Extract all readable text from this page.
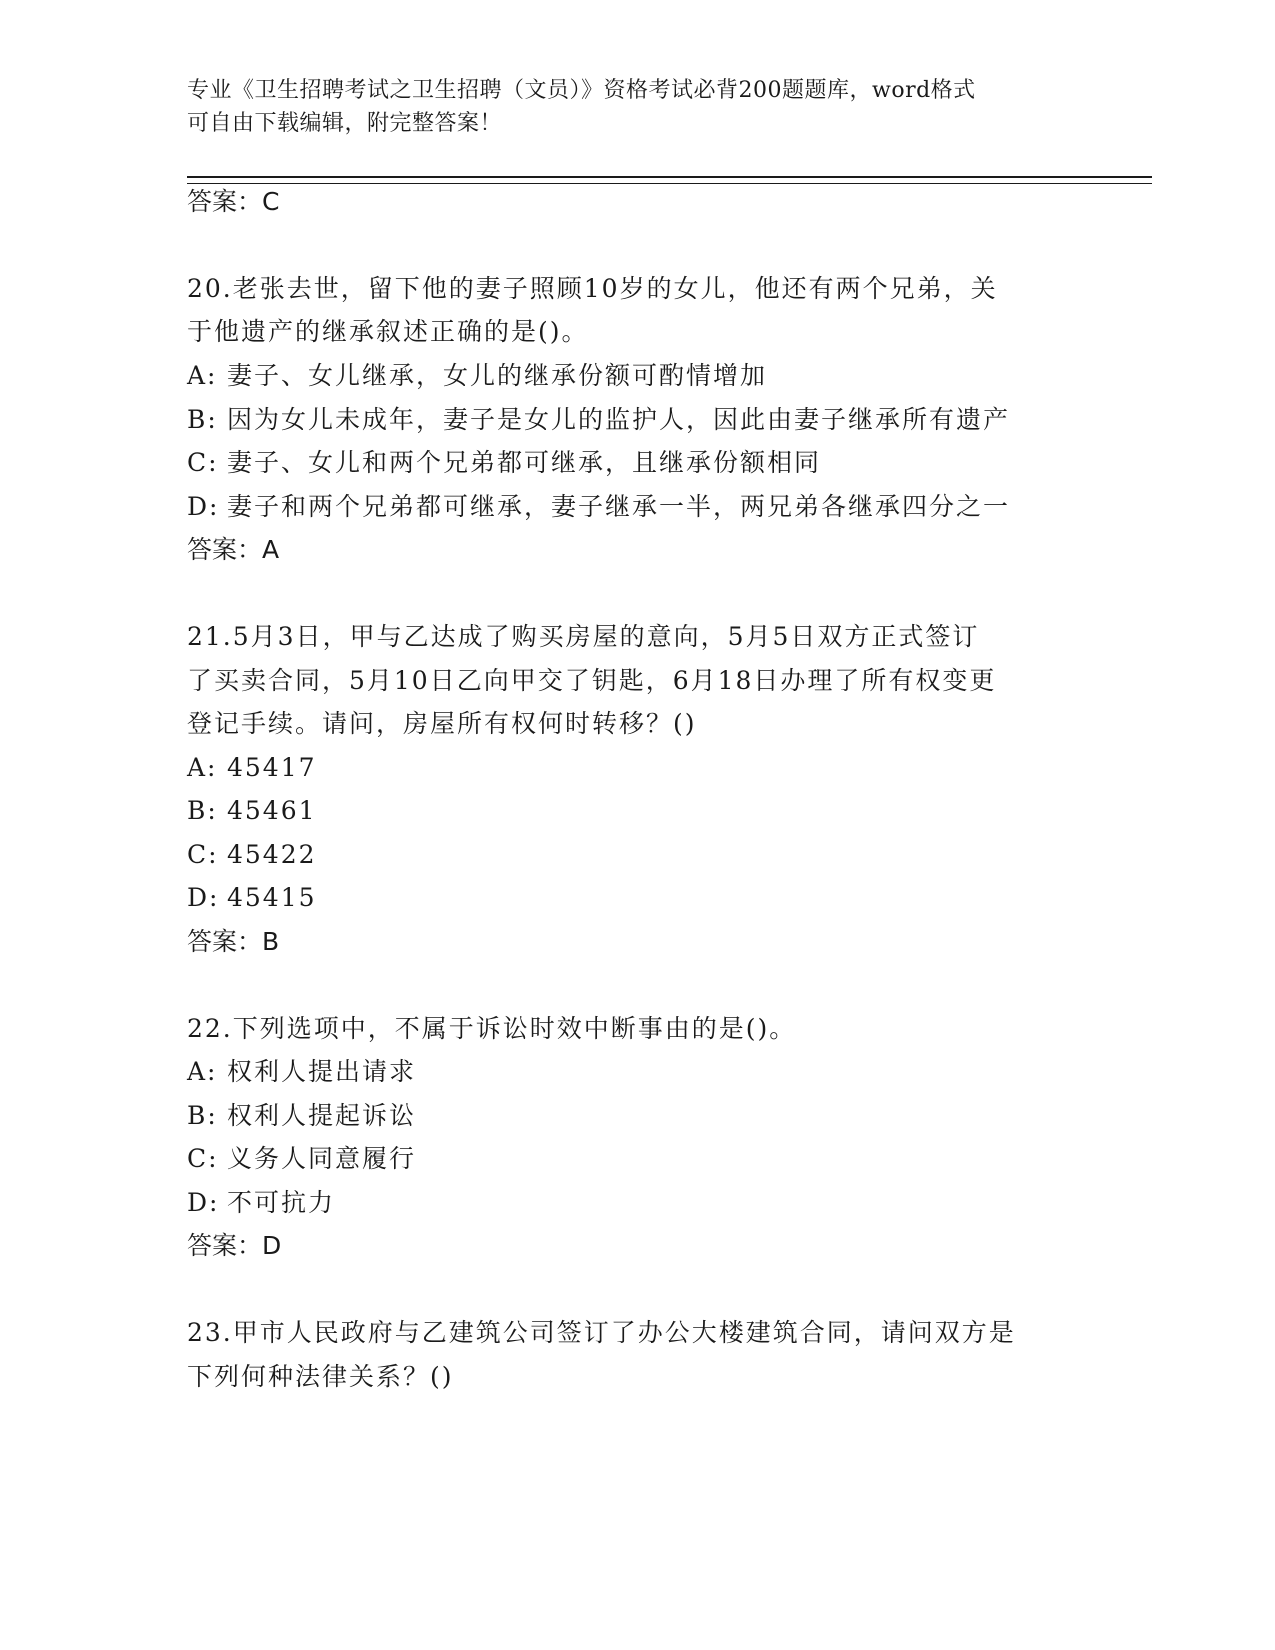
专业《卫生招聘考试之卫生招聘（文员）》资格考试必背200题题库，word格式
可自由下载编辑，附完整答案！
答案：C
20.老张去世，留下他的妻子照顾10岁的女儿，他还有两个兄弟，关
于他遗产的继承叙述正确的是()。
A: 妻子、女儿继承，女儿的继承份额可酌情增加
B: 因为女儿未成年，妻子是女儿的监护人，因此由妻子继承所有遗产
C: 妻子、女儿和两个兄弟都可继承，且继承份额相同
D: 妻子和两个兄弟都可继承，妻子继承一半，两兄弟各继承四分之一
答案：A
21.5月3日，甲与乙达成了购买房屋的意向，5月5日双方正式签订
了买卖合同，5月10日乙向甲交了钥匙，6月18日办理了所有权变更
登记手续。请问，房屋所有权何时转移？()
A: 45417
B: 45461
C: 45422
D: 45415
答案：B
22.下列选项中，不属于诉讼时效中断事由的是()。
A: 权利人提出请求
B: 权利人提起诉讼
C: 义务人同意履行
D: 不可抗力
答案：D
23.甲市人民政府与乙建筑公司签订了办公大楼建筑合同，请问双方是
下列何种法律关系？()
